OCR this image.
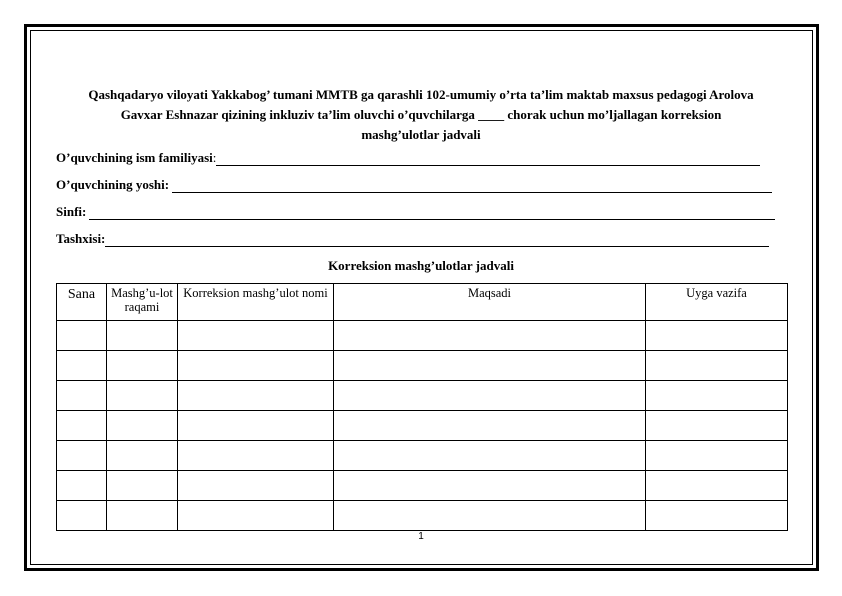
Qashqadaryo viloyati Yakkabog’ tumani MMTB ga qarashli 102-umumiy o’rta ta’lim maktab maxsus pedagogi Arolova
Gavxar Eshnazar qizining inkluziv ta’lim oluvchi o’quvchilarga ____ chorak uchun mo’ljallagan korreksion
mashg’ulotlar jadvali
O’quvchining ism familiyasi :
O’quvchining yoshi:
Sinfi:
Tashxisi:
Korreksion mashg’ulotlar jadvali
Sana	Mashg’u-lot raqami	Korreksion mashg’ulot nomi	Maqsadi	Uyga vazifa

1
